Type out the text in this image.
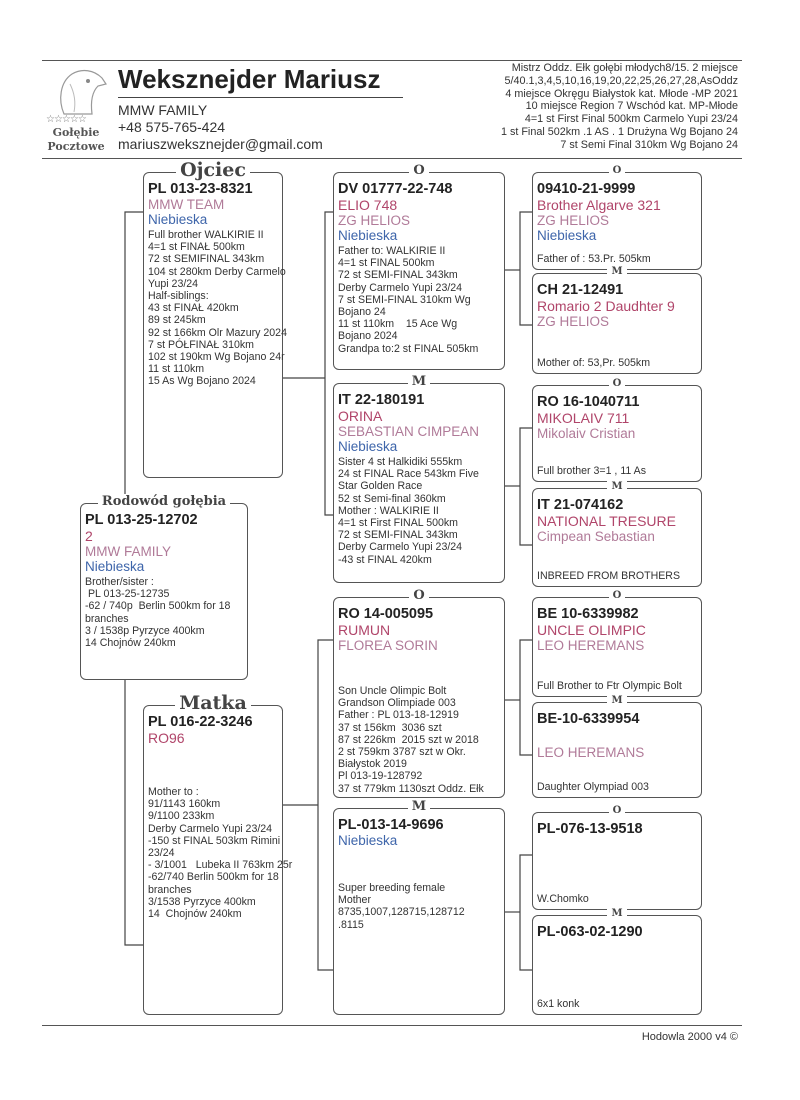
☆☆☆☆☆
Gołębie
Pocztowe
Weksznejder Mariusz
MMW FAMILY
+48 575-765-424
mariuszweksznejder@gmail.com
Mistrz Oddz. Ełk gołębi młodych8/15. 2 miejsce
5/40.1,3,4,5,10,16,19,20,22,25,26,27,28,AsOddz
4 miejsce Okręgu Białystok kat. Młode -MP 2021
10 miejsce Region 7 Wschód kat. MP-Młode
4=1 st First Final 500km Carmelo Yupi 23/24
1 st Final 502km .1 AS . 1 Drużyna Wg Bojano 24
7 st Semi Final 310km Wg Bojano 24
Rodowód gołębia
PL 013-25-12702
2
MMW FAMILY
Niebieska
Brother/sister :
PL 013-25-12735
-62 / 740p  Berlin 500km for 18
branches
3 / 1538p Pyrzyce 400km
14 Chojnów 240km
Ojciec
PL 013-23-8321
MMW TEAM
Niebieska
Full brother WALKIRIE II
4=1 st FINAŁ 500km
72 st SEMIFINAL 343km
104 st 280km Derby Carmelo
Yupi 23/24
Half-siblings:
43 st FINAŁ 420km
89 st 245km
92 st 166km Olr Mazury 2024
7 st PÓŁFINAŁ 310km
102 st 190km Wg Bojano 24r
11 st 110km
15 As Wg Bojano 2024
Matka
PL 016-22-3246
RO96
Mother to :
91/1143 160km
9/1100 233km
Derby Carmelo Yupi 23/24
-150 st FINAL 503km Rimini
23/24
- 3/1001   Lubeka II 763km 25r
-62/740 Berlin 500km for 18
branches
3/1538 Pyrzyce 400km
14  Chojnów 240km
O
DV 01777-22-748
ELIO 748
ZG HELIOS
Niebieska
Father to: WALKIRIE II
4=1 st FINAL 500km
72 st SEMI-FINAL 343km
Derby Carmelo Yupi 23/24
7 st SEMI-FINAL 310km Wg
Bojano 24
11 st 110km    15 Ace Wg
Bojano 2024
Grandpa to:2 st FINAL 505km
M
IT 22-180191
ORINA
SEBASTIAN CIMPEAN
Niebieska
Sister 4 st Halkidiki 555km
24 st FINAL Race 543km Five
Star Golden Race
52 st Semi-final 360km
Mother : WALKIRIE II
4=1 st First FINAL 500km
72 st SEMI-FINAL 343km
Derby Carmelo Yupi 23/24
-43 st FINAL 420km
O
RO 14-005095
RUMUN
FLOREA SORIN
Son Uncle Olimpic Bolt
Grandson Olimpiade 003
Father : PL 013-18-12919
37 st 156km  3036 szt
87 st 226km  2015 szt w 2018
2 st 759km 3787 szt w Okr.
Białystok 2019
Pl 013-19-128792
37 st 779km 1130szt Oddz. Ełk
M
PL-013-14-9696
Niebieska
Super breeding female
Mother
8735,1007,128715,128712
.8115
O
09410-21-9999
Brother Algarve 321
ZG HELIOS
Niebieska
Father of : 53.Pr. 505km
M
CH 21-12491
Romario 2 Daudhter 9
ZG HELIOS
Mother of: 53,Pr. 505km
O
RO 16-1040711
MIKOLAIV 711
Mikolaiv Cristian
Full brother 3=1 , 11 As
M
IT 21-074162
NATIONAL TRESURE
Cimpean Sebastian
INBREED FROM BROTHERS
O
BE 10-6339982
UNCLE OLIMPIC
LEO HEREMANS
Full Brother to Ftr Olympic Bolt
M
BE-10-6339954
LEO HEREMANS
Daughter Olympiad 003
O
PL-076-13-9518
W.Chomko
M
PL-063-02-1290
6x1 konk
Hodowla 2000 v4 ©
